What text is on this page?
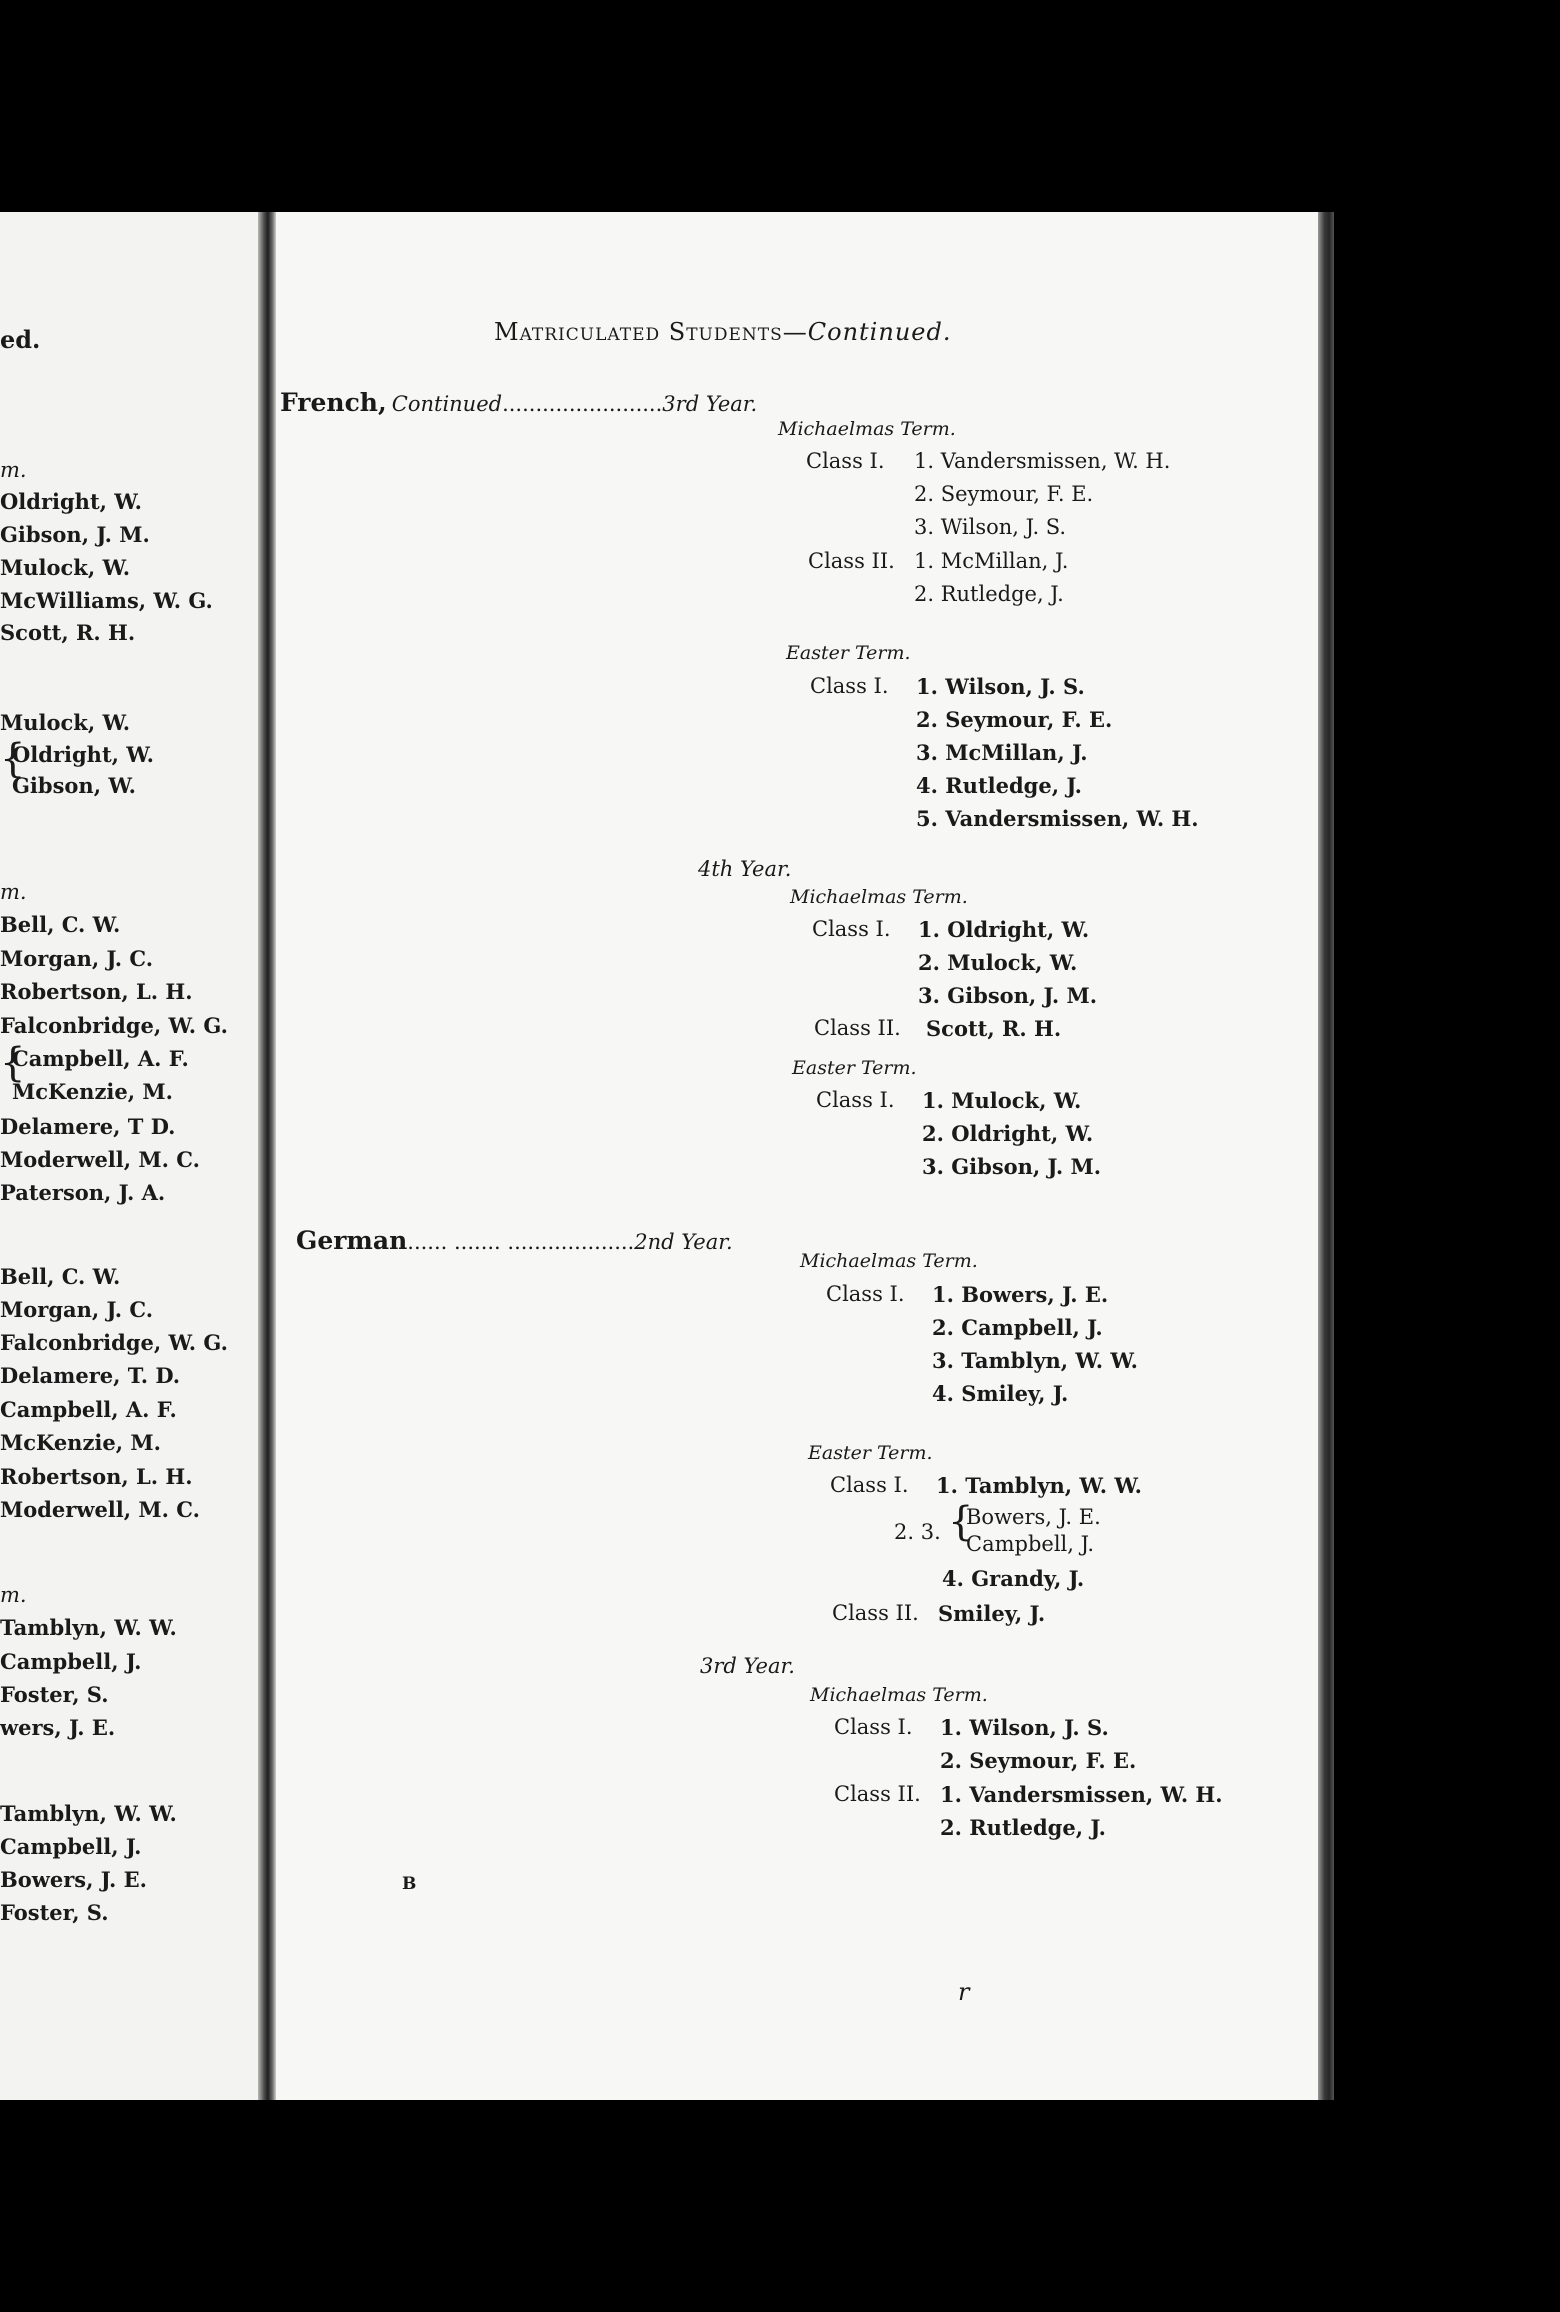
ed.
m.
Oldright, W.
Gibson, J. M.
Mulock, W.
McWilliams, W. G.
Scott, R. H.
Mulock, W.
{
Oldright, W.
Gibson, W.
m.
Bell, C. W.
Morgan, J. C.
Robertson, L. H.
Falconbridge, W. G.
{
Campbell, A. F.
McKenzie, M.
Delamere, T D.
Moderwell, M. C.
Paterson, J. A.
Bell, C. W.
Morgan, J. C.
Falconbridge, W. G.
Delamere, T. D.
Campbell, A. F.
McKenzie, M.
Robertson, L. H.
Moderwell, M. C.
m.
Tamblyn, W. W.
Campbell, J.
Foster, S.
wers, J. E.
Tamblyn, W. W.
Campbell, J.
Bowers, J. E.
Foster, S.
Matriculated Students—Continued.
French, Continued........................3rd Year.
Michaelmas Term.
Class I. 1. Vandersmissen, W. H.
2. Seymour, F. E.
3. Wilson, J. S.
Class II. 1. McMillan, J.
2. Rutledge, J.
Easter Term.
Class I. 1. Wilson, J. S.
2. Seymour, F. E.
3. McMillan, J.
4. Rutledge, J.
5. Vandersmissen, W. H.
4th Year.
Michaelmas Term.
Class I. 1. Oldright, W.
2. Mulock, W.
3. Gibson, J. M.
Class II. Scott, R. H.
Easter Term.
Class I. 1. Mulock, W.
2. Oldright, W.
3. Gibson, J. M.
German...... ....... ...................2nd Year.
Michaelmas Term.
Class I. 1. Bowers, J. E.
2. Campbell, J.
3. Tamblyn, W. W.
4. Smiley, J.
Easter Term.
Class I. 1. Tamblyn, W. W.
2. 3. {
Bowers, J. E.
Campbell, J.
4. Grandy, J.
Class II. Smiley, J.
3rd Year.
Michaelmas Term.
Class I. 1. Wilson, J. S.
2. Seymour, F. E.
Class II. 1. Vandersmissen, W. H.
2. Rutledge, J.
B
r
